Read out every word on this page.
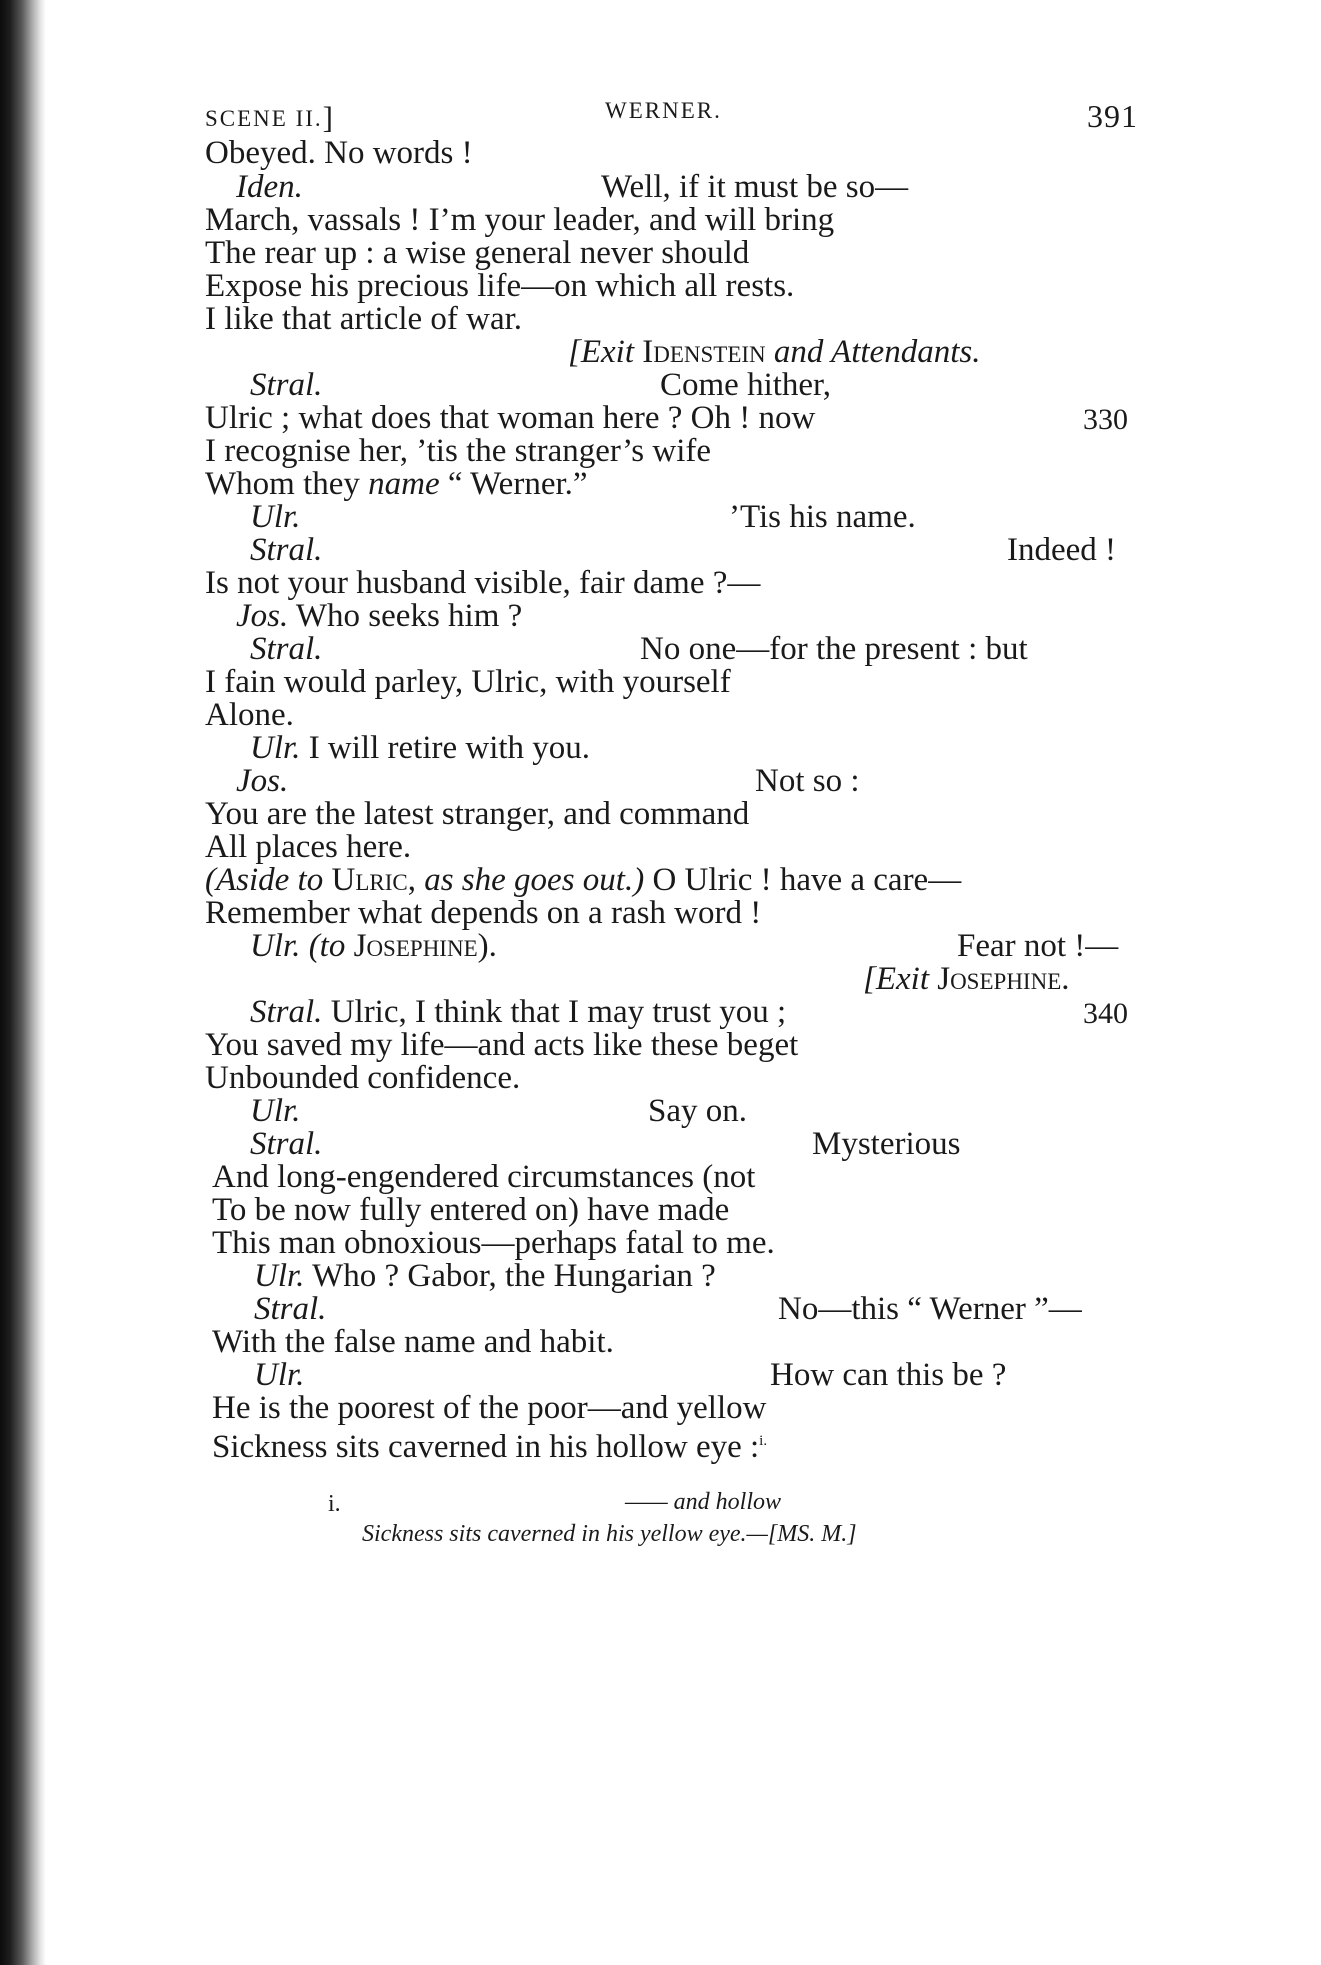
SCENE II.]	WERNER.	391
Obeyed. No words !
Iden.	Well, if it must be so—
March, vassals ! I’m your leader, and will bring
The rear up : a wise general never should
Expose his precious life—on which all rests.
I like that article of war.
[Exit Idenstein and Attendants.
Stral.	Come hither,
Ulric ; what does that woman here ? Oh ! now	330
I recognise her, ’tis the stranger’s wife
Whom they name “ Werner.”
Ulr.	’Tis his name.
Stral.	Indeed !
Is not your husband visible, fair dame ?—
Jos. Who seeks him ?
Stral.	No one—for the present : but
I fain would parley, Ulric, with yourself
Alone.
Ulr. I will retire with you.
Jos.	Not so :
You are the latest stranger, and command
All places here.
(Aside to Ulric, as she goes out.) O Ulric ! have a care—
Remember what depends on a rash word !
Ulr. (to Josephine).	Fear not !—
[Exit Josephine.
Stral. Ulric, I think that I may trust you ;	340
You saved my life—and acts like these beget
Unbounded confidence.
Ulr.	Say on.
Stral.	Mysterious
And long-engendered circumstances (not
To be now fully entered on) have made
This man obnoxious—perhaps fatal to me.
Ulr. Who ? Gabor, the Hungarian ?
Stral.	No—this “ Werner ”—
With the false name and habit.
Ulr.	How can this be ?
He is the poorest of the poor—and yellow
Sickness sits caverned in his hollow eye :$^{i.}$
i.	—— and hollow
Sickness sits caverned in his yellow eye.—[MS. M.]
